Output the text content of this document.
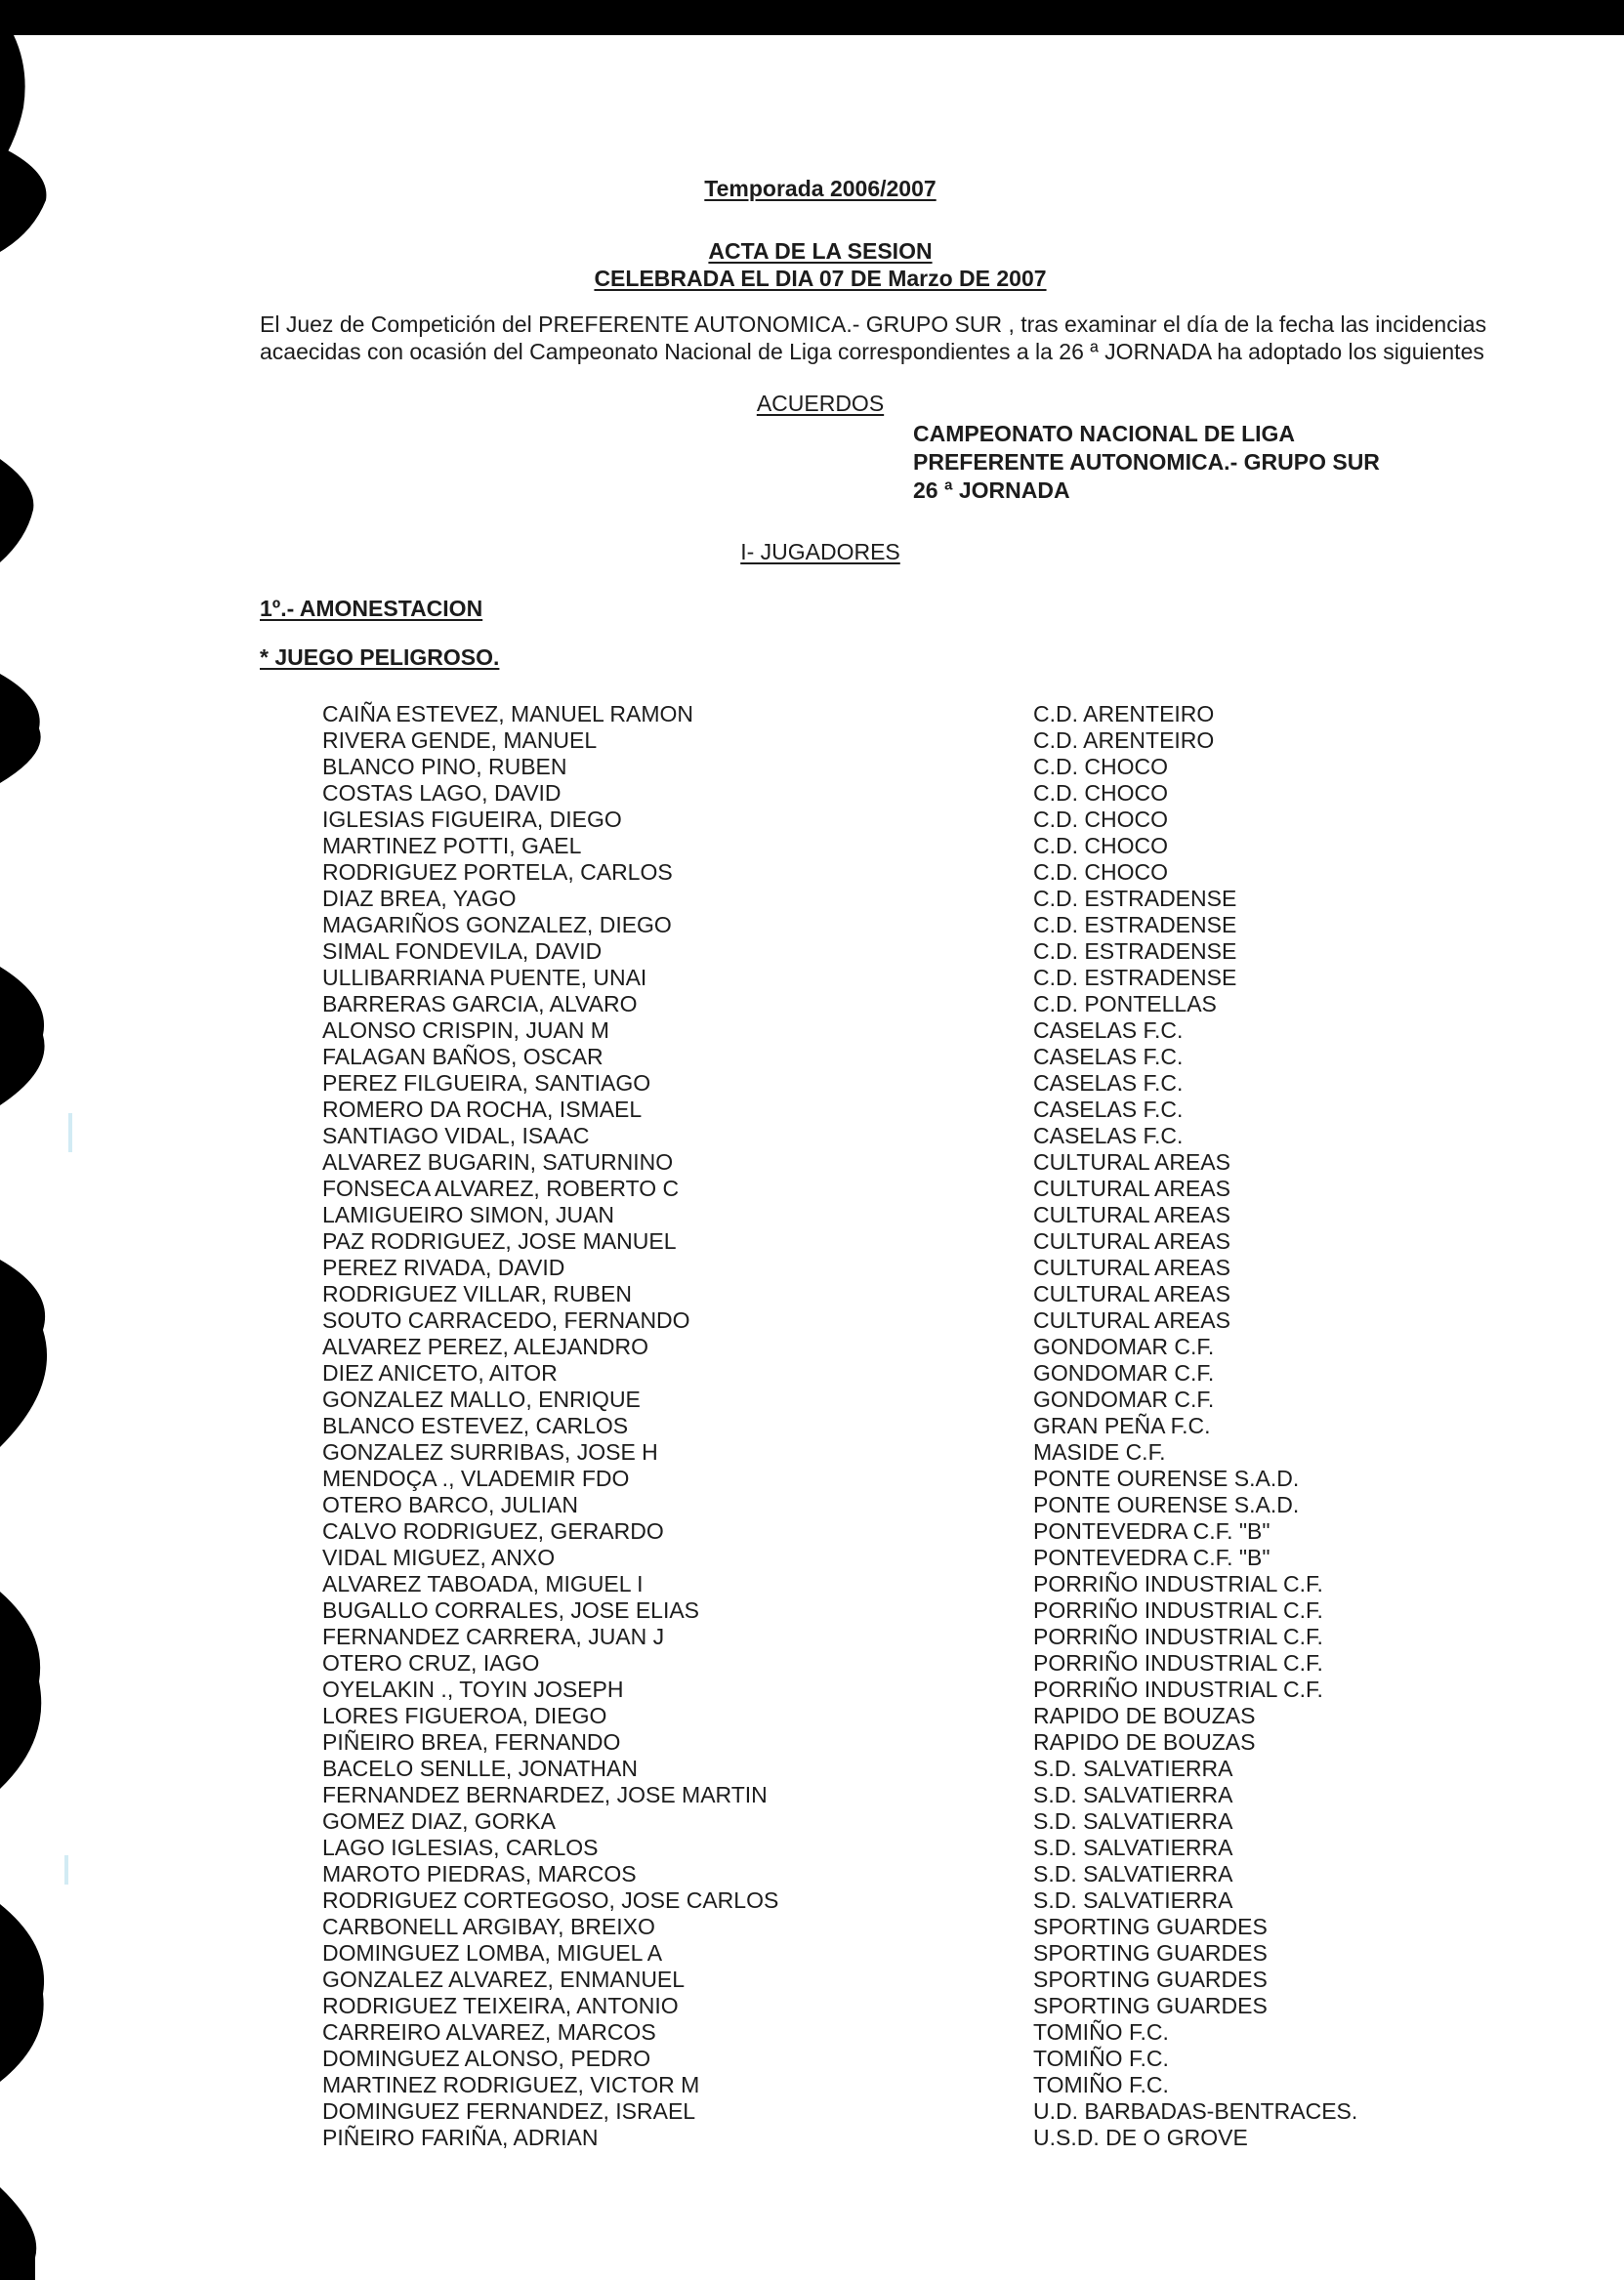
Temporada 2006/2007
ACTA DE LA SESION
CELEBRADA EL DIA 07 DE Marzo DE 2007

El Juez de Competición del PREFERENTE AUTONOMICA.- GRUPO SUR , tras examinar el día de la fecha las incidencias acaecidas con ocasión del Campeonato Nacional de Liga correspondientes a la 26 ª JORNADA ha adoptado los siguientes

ACUERDOS
CAMPEONATO NACIONAL DE LIGA
PREFERENTE AUTONOMICA.- GRUPO SUR
26 ª JORNADA
I- JUGADORES
1º.- AMONESTACION
* JUEGO PELIGROSO.
CAIÑA ESTEVEZ, MANUEL RAMON	C.D. ARENTEIRO
RIVERA GENDE, MANUEL	C.D. ARENTEIRO
BLANCO PINO, RUBEN	C.D. CHOCO
COSTAS LAGO, DAVID	C.D. CHOCO
IGLESIAS FIGUEIRA, DIEGO	C.D. CHOCO
MARTINEZ POTTI, GAEL	C.D. CHOCO
RODRIGUEZ PORTELA, CARLOS	C.D. CHOCO
DIAZ BREA, YAGO	C.D. ESTRADENSE
MAGARIÑOS GONZALEZ, DIEGO	C.D. ESTRADENSE
SIMAL FONDEVILA, DAVID	C.D. ESTRADENSE
ULLIBARRIANA PUENTE, UNAI	C.D. ESTRADENSE
BARRERAS GARCIA, ALVARO	C.D. PONTELLAS
ALONSO CRISPIN, JUAN M	CASELAS F.C.
FALAGAN BAÑOS, OSCAR	CASELAS F.C.
PEREZ FILGUEIRA, SANTIAGO	CASELAS F.C.
ROMERO DA ROCHA, ISMAEL	CASELAS F.C.
SANTIAGO VIDAL, ISAAC	CASELAS F.C.
ALVAREZ BUGARIN, SATURNINO	CULTURAL AREAS
FONSECA ALVAREZ, ROBERTO C	CULTURAL AREAS
LAMIGUEIRO SIMON, JUAN	CULTURAL AREAS
PAZ RODRIGUEZ, JOSE MANUEL	CULTURAL AREAS
PEREZ RIVADA, DAVID	CULTURAL AREAS
RODRIGUEZ VILLAR, RUBEN	CULTURAL AREAS
SOUTO CARRACEDO, FERNANDO	CULTURAL AREAS
ALVAREZ PEREZ, ALEJANDRO	GONDOMAR C.F.
DIEZ ANICETO, AITOR	GONDOMAR C.F.
GONZALEZ MALLO, ENRIQUE	GONDOMAR C.F.
BLANCO ESTEVEZ, CARLOS	GRAN PEÑA F.C.
GONZALEZ SURRIBAS, JOSE H	MASIDE C.F.
MENDOÇA ., VLADEMIR FDO	PONTE OURENSE S.A.D.
OTERO BARCO, JULIAN	PONTE OURENSE S.A.D.
CALVO RODRIGUEZ, GERARDO	PONTEVEDRA C.F. "B"
VIDAL MIGUEZ, ANXO	PONTEVEDRA C.F. "B"
ALVAREZ TABOADA, MIGUEL I	PORRIÑO INDUSTRIAL C.F.
BUGALLO CORRALES, JOSE ELIAS	PORRIÑO INDUSTRIAL C.F.
FERNANDEZ CARRERA, JUAN J	PORRIÑO INDUSTRIAL C.F.
OTERO CRUZ, IAGO	PORRIÑO INDUSTRIAL C.F.
OYELAKIN ., TOYIN JOSEPH	PORRIÑO INDUSTRIAL C.F.
LORES FIGUEROA, DIEGO	RAPIDO DE BOUZAS
PIÑEIRO BREA, FERNANDO	RAPIDO DE BOUZAS
BACELO SENLLE, JONATHAN	S.D. SALVATIERRA
FERNANDEZ BERNARDEZ, JOSE MARTIN	S.D. SALVATIERRA
GOMEZ DIAZ, GORKA	S.D. SALVATIERRA
LAGO IGLESIAS, CARLOS	S.D. SALVATIERRA
MAROTO PIEDRAS, MARCOS	S.D. SALVATIERRA
RODRIGUEZ CORTEGOSO, JOSE CARLOS	S.D. SALVATIERRA
CARBONELL ARGIBAY, BREIXO	SPORTING GUARDES
DOMINGUEZ LOMBA, MIGUEL A	SPORTING GUARDES
GONZALEZ ALVAREZ, ENMANUEL	SPORTING GUARDES
RODRIGUEZ TEIXEIRA, ANTONIO	SPORTING GUARDES
CARREIRO ALVAREZ, MARCOS	TOMIÑO F.C.
DOMINGUEZ ALONSO, PEDRO	TOMIÑO F.C.
MARTINEZ RODRIGUEZ, VICTOR M	TOMIÑO F.C.
DOMINGUEZ FERNANDEZ, ISRAEL	U.D. BARBADAS-BENTRACES.
PIÑEIRO FARIÑA, ADRIAN	U.S.D. DE O GROVE
